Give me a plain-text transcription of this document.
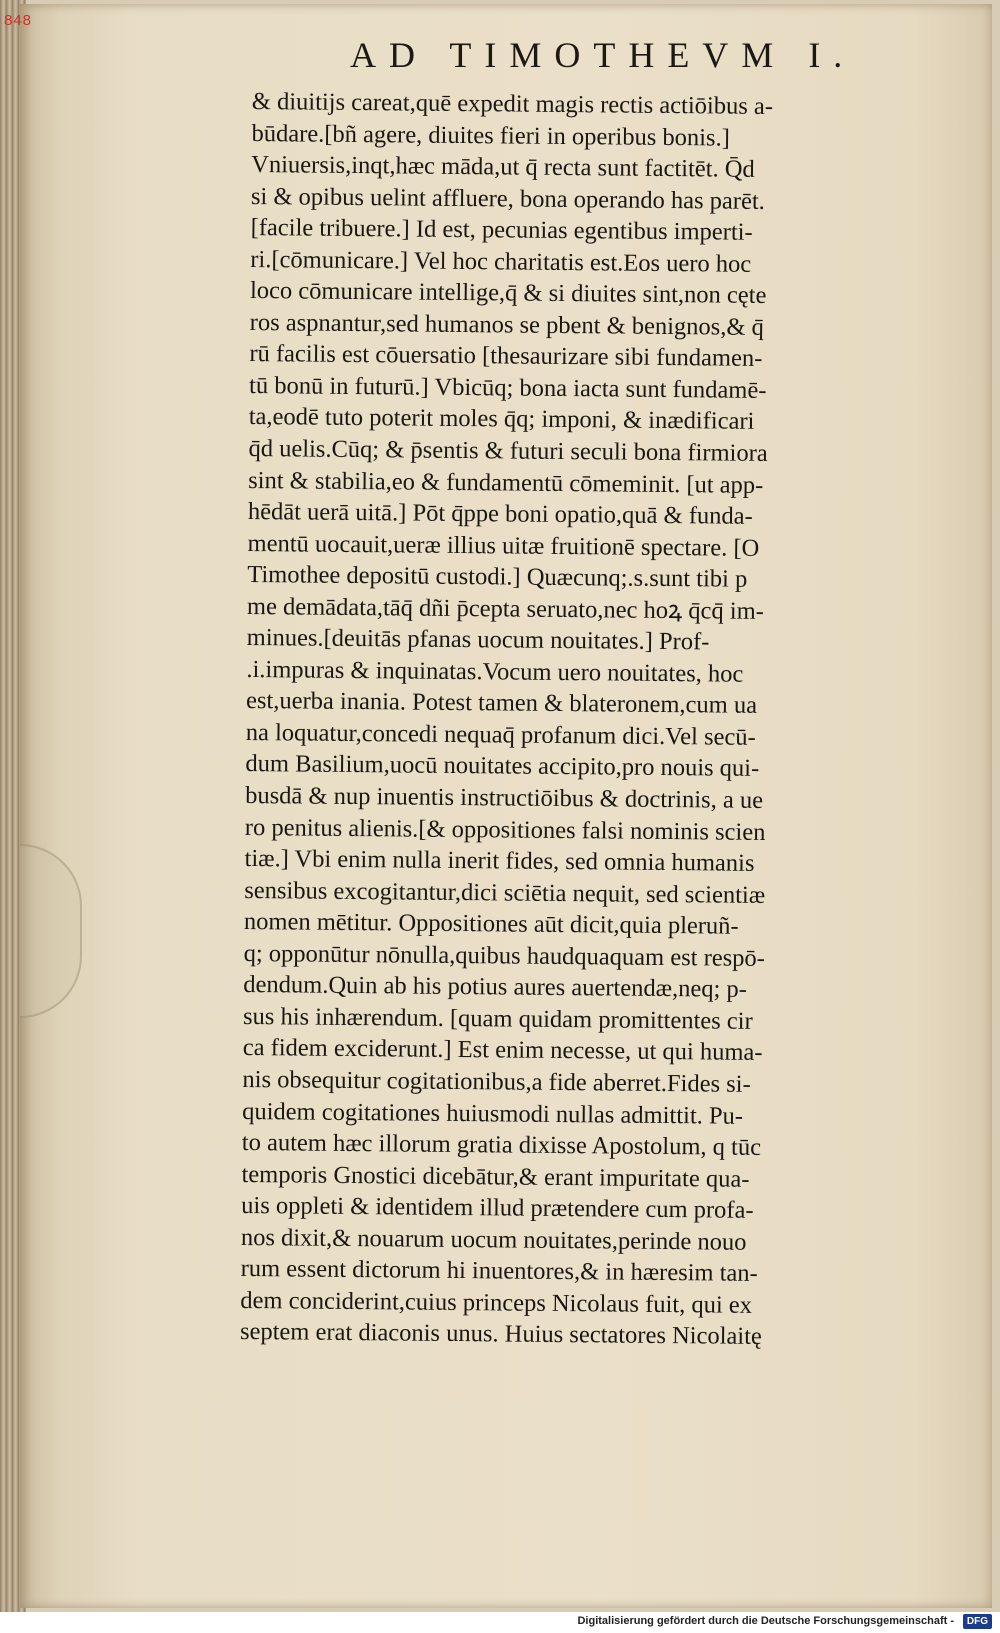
AD TIMOTHEVM I.
& diuitijs careat,quē expedit magis rectis actiōibus a-
būdare.[bñ agere, diuites fieri in operibus bonis.]
Vniuersis,inqt,hæc māda,ut q̄ recta sunt factitēt. Q̄d
si & opibus uelint affluere, bona operando has parēt.
[facile tribuere.] Id est, pecunias egentibus imperti-
ri.[cōmunicare.] Vel hoc charitatis est.Eos uero hoc
loco cōmunicare intellige,q̄ & si diuites sint,non cęte
ros aspnantur,sed humanos se pbent & benignos,& q̄
rū facilis est cōuersatio [thesaurizare sibi fundamen-
tū bonū in futurū.] Vbicūq; bona iacta sunt fundamē-
ta,eodē tuto poterit moles q̄q; imponi, & inædificari
q̄d uelis.Cūq; & p̄sentis & futuri seculi bona firmiora
sint & stabilia,eo & fundamentū cōmeminit. [ut app-
hēdāt uerā uitā.] Pōt q̄ppe boni opatio,quā & funda-
mentū uocauit,ueræ illius uitæ fruitionē spectare. [O
Timothee depositū custodi.] Quæcunq;.s.sunt tibi p
me demādata,tāq̄ dñi p̄cepta seruato,nec hoꝝ q̄cq̄ im-
minues.[deuitās pfanas uocum nouitates.] Prof-
.i.impuras & inquinatas.Vocum uero nouitates, hoc
est,uerba inania. Potest tamen & blateronem,cum ua
na loquatur,concedi nequaq̄ profanum dici.Vel secū-
dum Basilium,uocū nouitates accipito,pro nouis qui-
busdā & nup inuentis instructiōibus & doctrinis, a ue
ro penitus alienis.[& oppositiones falsi nominis scien
tiæ.] Vbi enim nulla inerit fides, sed omnia humanis
sensibus excogitantur,dici sciētia nequit, sed scientiæ
nomen mētitur. Oppositiones aūt dicit,quia pleruñ-
q; opponūtur nōnulla,quibus haudquaquam est respō-
dendum.Quin ab his potius aures auertendæ,neq; p-
sus his inhærendum. [quam quidam promittentes cir
ca fidem exciderunt.] Est enim necesse, ut qui huma-
nis obsequitur cogitationibus,a fide aberret.Fides si-
quidem cogitationes huiusmodi nullas admittit. Pu-
to autem hæc illorum gratia dixisse Apostolum, q tūc
temporis Gnostici dicebātur,& erant impuritate qua-
uis oppleti & identidem illud prætendere cum profa-
nos dixit,& nouarum uocum nouitates,perinde nouo
rum essent dictorum hi inuentores,& in hæresim tan-
dem conciderint,cuius princeps Nicolaus fuit, qui ex
septem erat diaconis unus. Huius sectatores Nicolaitę
848
Digitalisierung gefördert durch die Deutsche Forschungsgemeinschaft -	DFG
